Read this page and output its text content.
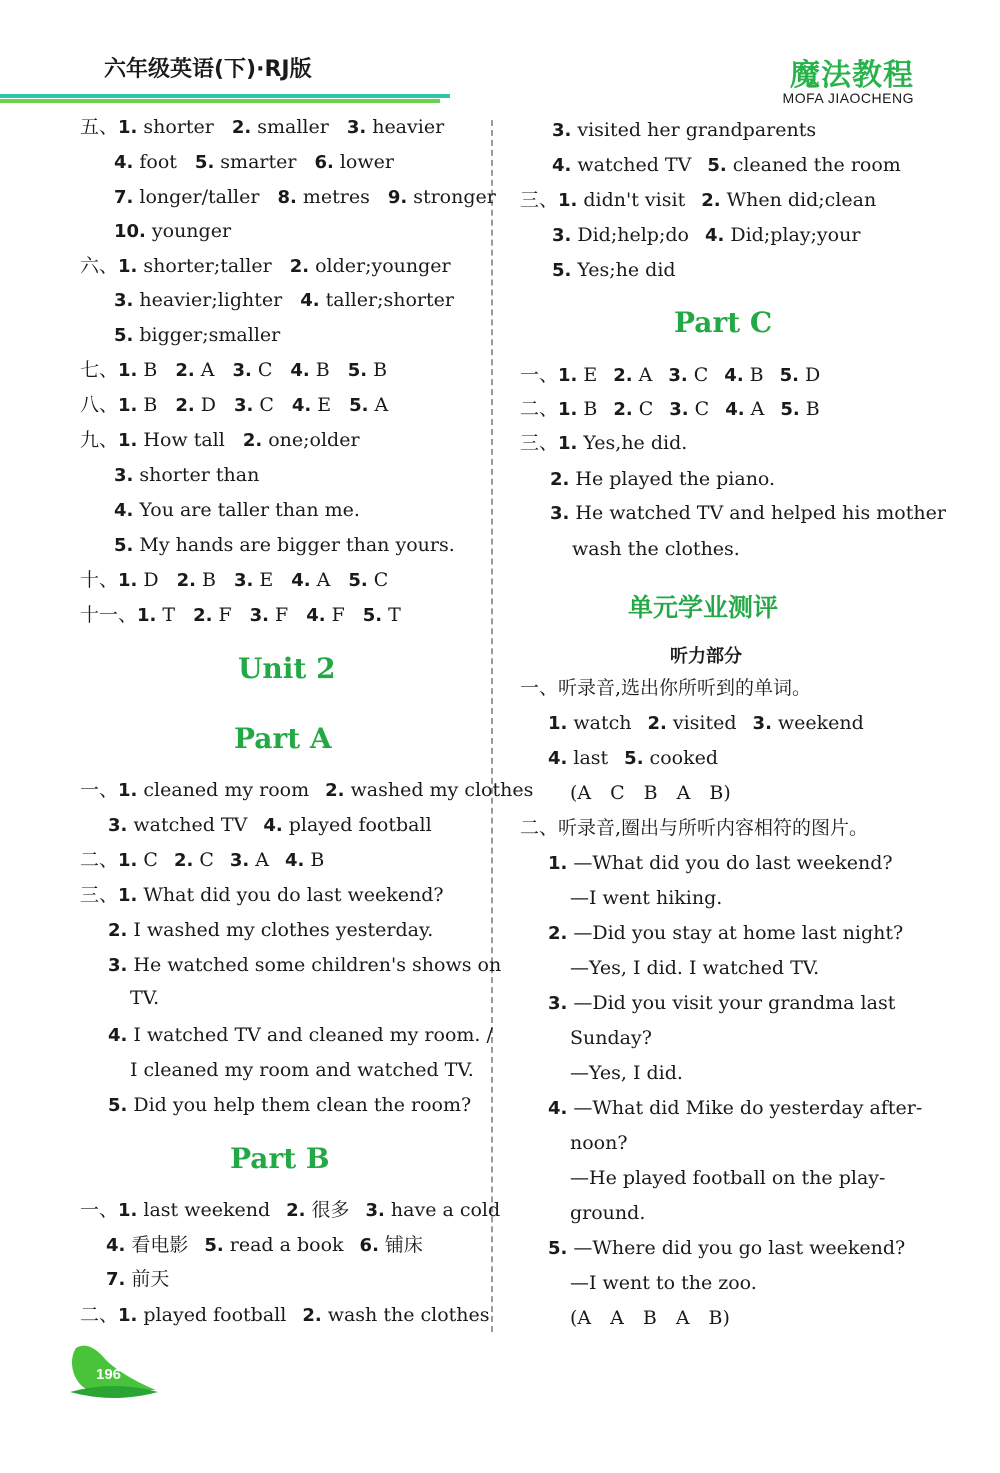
六年级英语(下)·RJ版	魔法教程
MOFA JIAOCHENG
五、1. shorter 2. smaller 3. heavier
4. foot 5. smarter 6. lower
7. longer/taller 8. metres 9. stronger
10. younger
六、1. shorter;taller 2. older;younger
3. heavier;lighter 4. taller;shorter
5. bigger;smaller
七、1. B 2. A 3. C 4. B 5. B
八、1. B 2. D 3. C 4. E 5. A
九、1. How tall 2. one;older
3. shorter than
4. You are taller than me.
5. My hands are bigger than yours.
十、1. D 2. B 3. E 4. A 5. C
十一、1. T 2. F 3. F 4. F 5. T
Unit 2
Part A
一、1. cleaned my room 2. washed my clothes
3. watched TV 4. played football
二、1. C 2. C 3. A 4. B
三、1. What did you do last weekend?
2. I washed my clothes yesterday.
3. He watched some children's shows on
TV.
4. I watched TV and cleaned my room. /
I cleaned my room and watched TV.
5. Did you help them clean the room?
Part B
一、1. last weekend 2. 很多 3. have a cold
4. 看电影 5. read a book 6. 铺床
7. 前天
二、1. played football 2. wash the clothes
3. visited her grandparents
4. watched TV 5. cleaned the room
三、1. didn't visit 2. When did;clean
3. Did;help;do 4. Did;play;your
5. Yes;he did
Part C
一、1. E 2. A 3. C 4. B 5. D
二、1. B 2. C 3. C 4. A 5. B
三、1. Yes,he did.
2. He played the piano.
3. He watched TV and helped his mother
wash the clothes.
单元学业测评
听力部分
一、听录音,选出你所听到的单词。
1. watch 2. visited 3. weekend
4. last 5. cooked
(A　C　B　A　B)
二、听录音,圈出与所听内容相符的图片。
1. —What did you do last weekend?
—I went hiking.
2. —Did you stay at home last night?
—Yes, I did. I watched TV.
3. —Did you visit your grandma last
Sunday?
—Yes, I did.
4. —What did Mike do yesterday after-
noon?
—He played football on the play-
ground.
5. —Where did you go last weekend?
—I went to the zoo.
(A　A　B　A　B)
196
